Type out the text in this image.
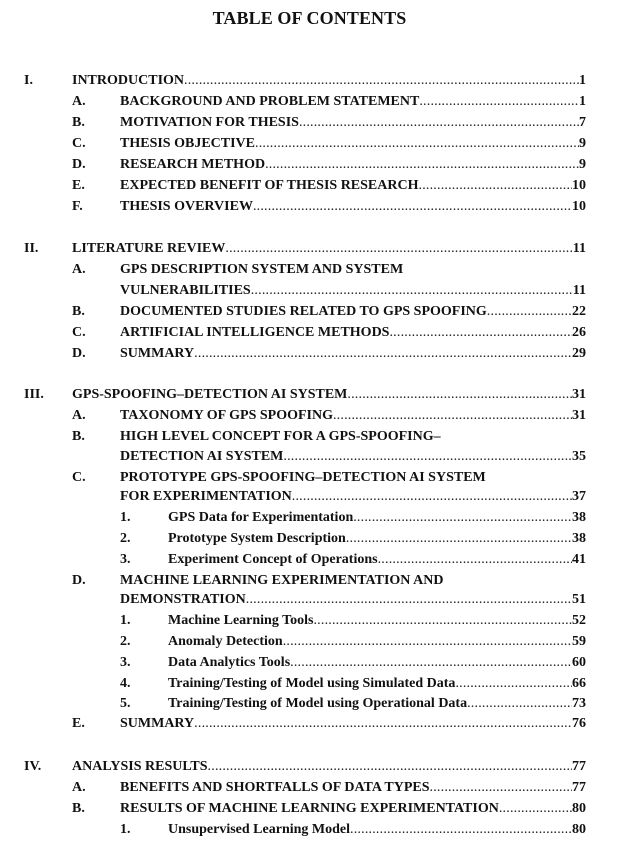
TABLE OF CONTENTS
I.	INTRODUCTION .....	1
A. BACKGROUND AND PROBLEM STATEMENT .....	1
B.	MOTIVATION FOR THESIS .....	7
C. THESIS OBJECTIVE .....	9
D. RESEARCH METHOD .....	9
E.	EXPECTED BENEFIT OF THESIS RESEARCH .....	10
F.	THESIS OVERVIEW .....	10
II. LITERATURE REVIEW .....	11
A. GPS DESCRIPTION SYSTEM AND SYSTEM
VULNERABILITIES .....	11
B.	DOCUMENTED STUDIES RELATED TO GPS SPOOFING .....	22
C. ARTIFICIAL INTELLIGENCE METHODS .....	26
D. SUMMARY .....	29
III. GPS-SPOOFING–DETECTION AI SYSTEM .....	31
A. TAXONOMY OF GPS SPOOFING .....	31
B.	HIGH LEVEL CONCEPT FOR A GPS-SPOOFING–
DETECTION AI SYSTEM .....	35
C. PROTOTYPE GPS-SPOOFING–DETECTION AI SYSTEM
FOR EXPERIMENTATION .....	37
1.	GPS Data for Experimentation .....	38
2.	Prototype System Description .....	38
3.	Experiment Concept of Operations .....	41
D. MACHINE LEARNING EXPERIMENTATION AND
DEMONSTRATION .....	51
1.	Machine Learning Tools .....	52
2.	Anomaly Detection .....	59
3.	Data Analytics Tools .....	60
4.	Training/Testing of Model using Simulated Data .....	66
5.	Training/Testing of Model using Operational Data .....	73
E.	SUMMARY .....	76
IV. ANALYSIS RESULTS .....	77
A. BENEFITS AND SHORTFALLS OF DATA TYPES .....	77
B.	RESULTS OF MACHINE LEARNING EXPERIMENTATION .....	80
1.	Unsupervised Learning Model .....	80
